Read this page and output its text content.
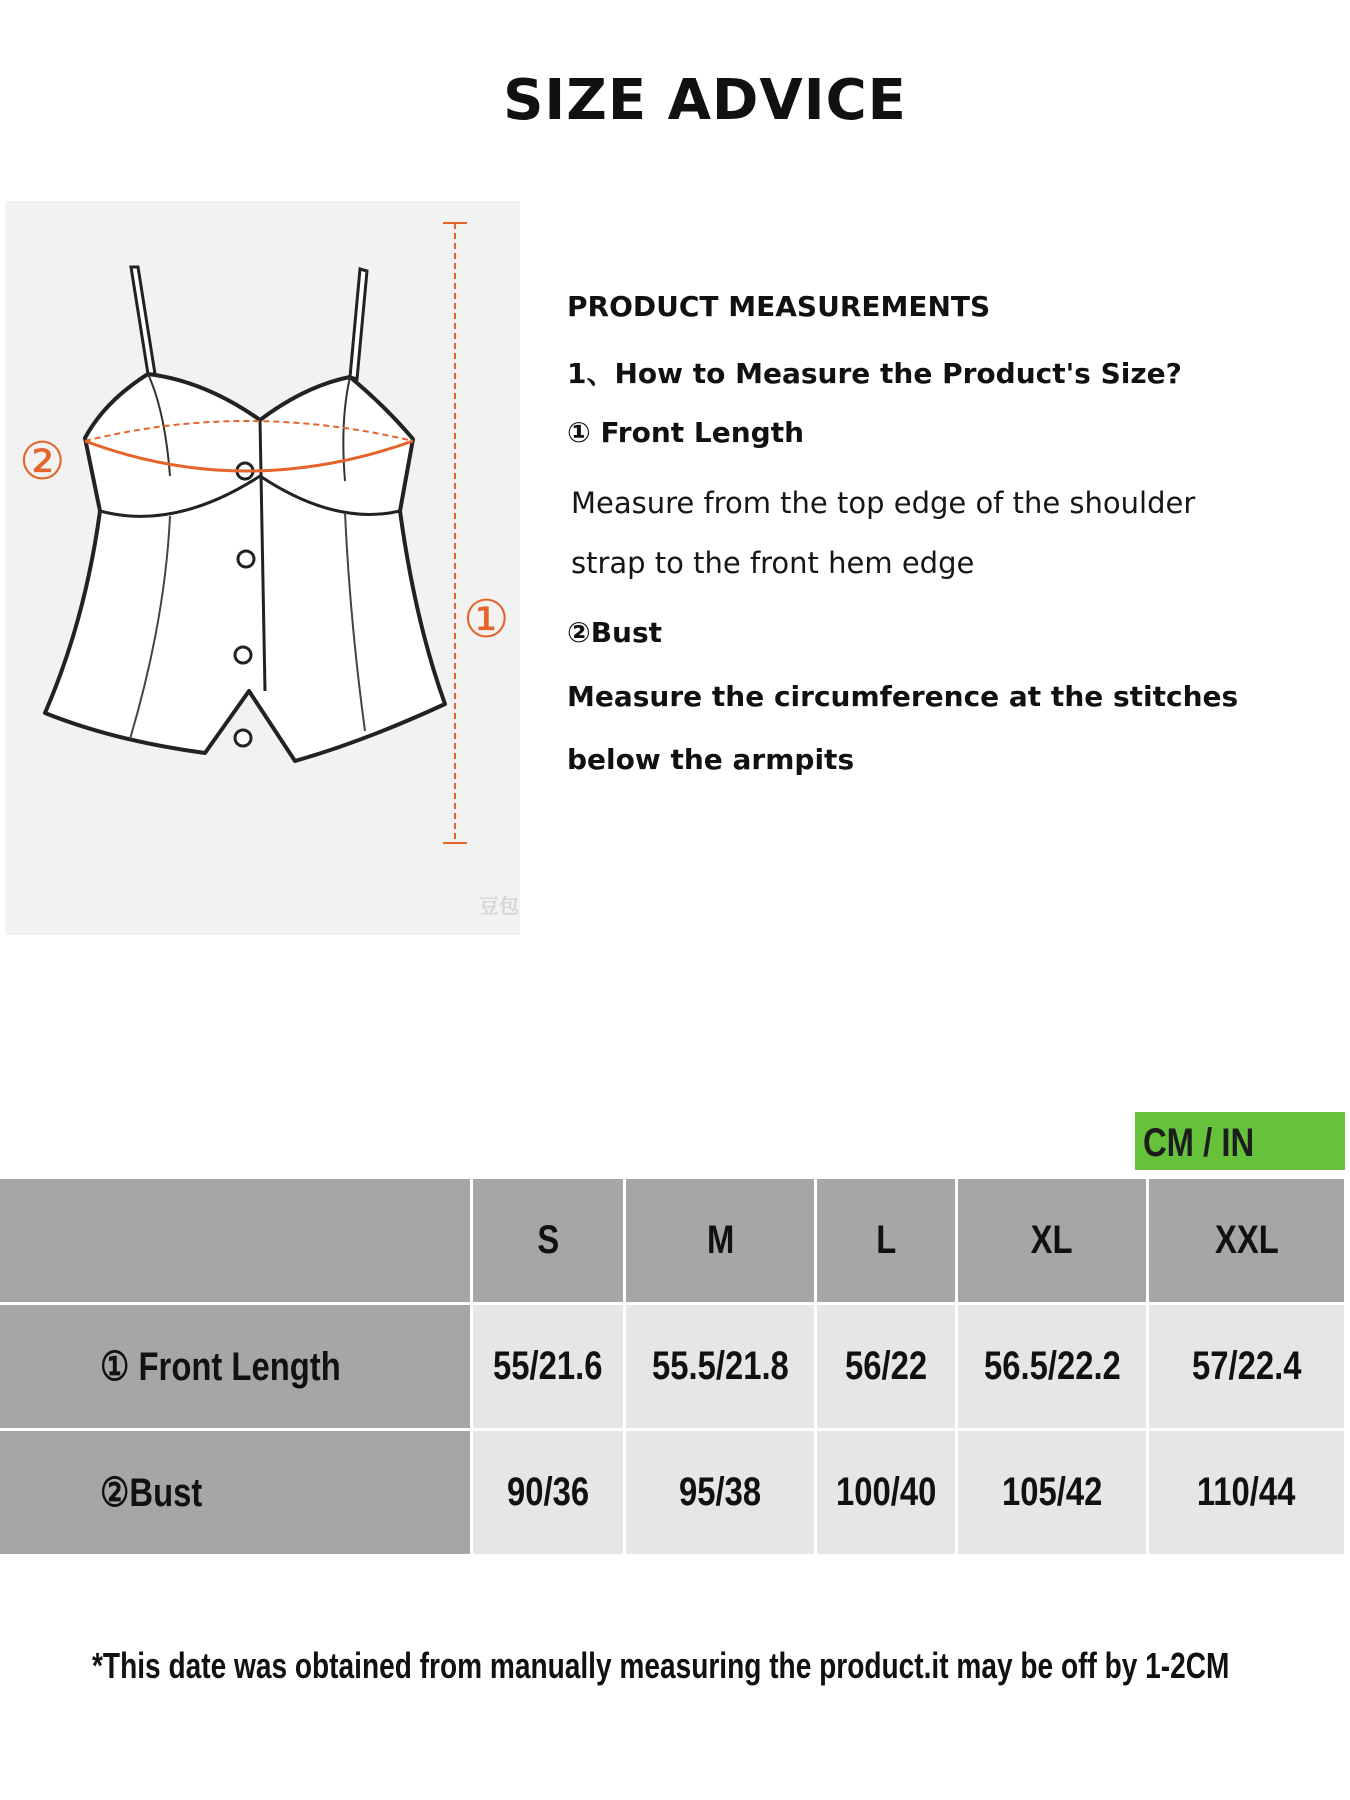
SIZE ADVICE
②
①
豆包
PRODUCT MEASUREMENTS
1、How to Measure the Product's Size?
① Front Length
Measure from the top edge of the shoulder
strap to the front hem edge
②Bust
Measure the circumference at the stitches
below the armpits
CM / IN
	S	M	L	XL	XXL
① Front Length	55/21.6	55.5/21.8	56/22	56.5/22.2	57/22.4
②Bust	90/36	95/38	100/40	105/42	110/44
*This date was obtained from manually measuring the product.it may be off by 1-2CM
